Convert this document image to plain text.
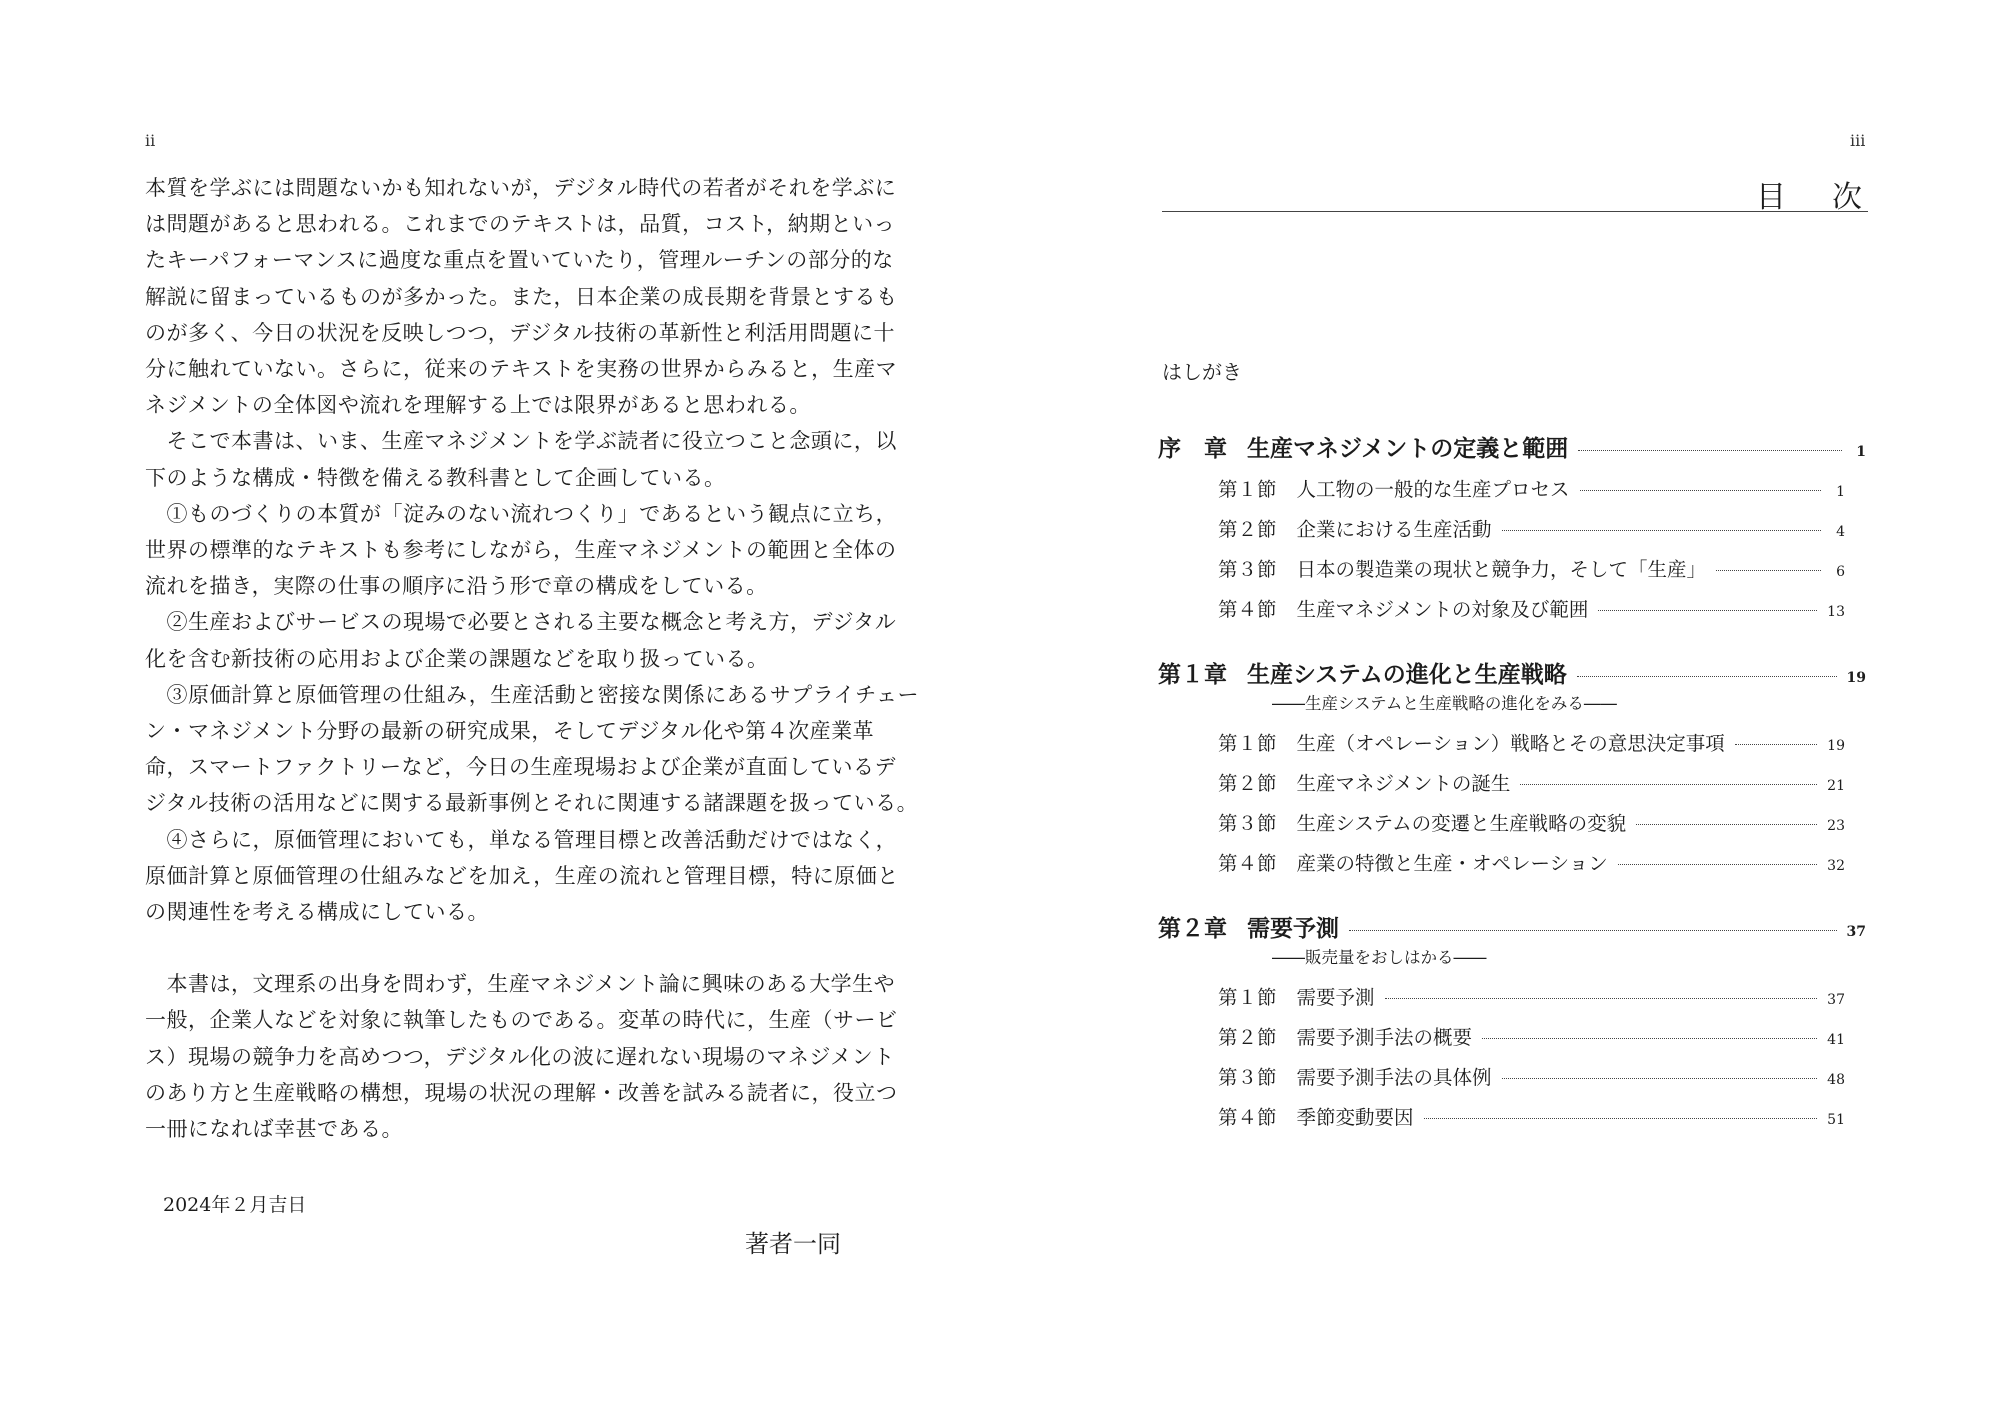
ii
本質を学ぶには問題ないかも知れないが，デジタル時代の若者がそれを学ぶに
は問題があると思われる。これまでのテキストは，品質，コスト，納期といっ
たキーパフォーマンスに過度な重点を置いていたり，管理ルーチンの部分的な
解説に留まっているものが多かった。また，日本企業の成長期を背景とするも
のが多く、今日の状況を反映しつつ，デジタル技術の革新性と利活用問題に十
分に触れていない。さらに，従来のテキストを実務の世界からみると，生産マ
ネジメントの全体図や流れを理解する上では限界があると思われる。
　そこで本書は、いま、生産マネジメントを学ぶ読者に役立つこと念頭に，以
下のような構成・特徴を備える教科書として企画している。
　①ものづくりの本質が「淀みのない流れつくり」であるという観点に立ち，
世界の標準的なテキストも参考にしながら，生産マネジメントの範囲と全体の
流れを描き，実際の仕事の順序に沿う形で章の構成をしている。
　②生産およびサービスの現場で必要とされる主要な概念と考え方，デジタル
化を含む新技術の応用および企業の課題などを取り扱っている。
　③原価計算と原価管理の仕組み，生産活動と密接な関係にあるサプライチェー
ン・マネジメント分野の最新の研究成果，そしてデジタル化や第４次産業革
命，スマートファクトリーなど，今日の生産現場および企業が直面しているデ
ジタル技術の活用などに関する最新事例とそれに関連する諸課題を扱っている。
　④さらに，原価管理においても，単なる管理目標と改善活動だけではなく，
原価計算と原価管理の仕組みなどを加え，生産の流れと管理目標，特に原価と
の関連性を考える構成にしている。
　本書は，文理系の出身を問わず，生産マネジメント論に興味のある大学生や
一般，企業人などを対象に執筆したものである。変革の時代に，生産（サービ
ス）現場の競争力を高めつつ，デジタル化の波に遅れない現場のマネジメント
のあり方と生産戦略の構想，現場の状況の理解・改善を試みる読者に，役立つ
一冊になれば幸甚である。
2024年２月吉日
著者一同
iii
目次
はしがき
序　章 生産マネジメントの定義と範囲	1
第１節 人工物の一般的な生産プロセス	1
第２節 企業における生産活動	4
第３節 日本の製造業の現状と競争力，そして「生産」	6
第４節 生産マネジメントの対象及び範囲	13
第１章 生産システムの進化と生産戦略	19
――生産システムと生産戦略の進化をみる――
第１節 生産（オペレーション）戦略とその意思決定事項	19
第２節 生産マネジメントの誕生	21
第３節 生産システムの変遷と生産戦略の変貌	23
第４節 産業の特徴と生産・オペレーション	32
第２章 需要予測	37
――販売量をおしはかる――
第１節 需要予測	37
第２節 需要予測手法の概要	41
第３節 需要予測手法の具体例	48
第４節 季節変動要因	51
